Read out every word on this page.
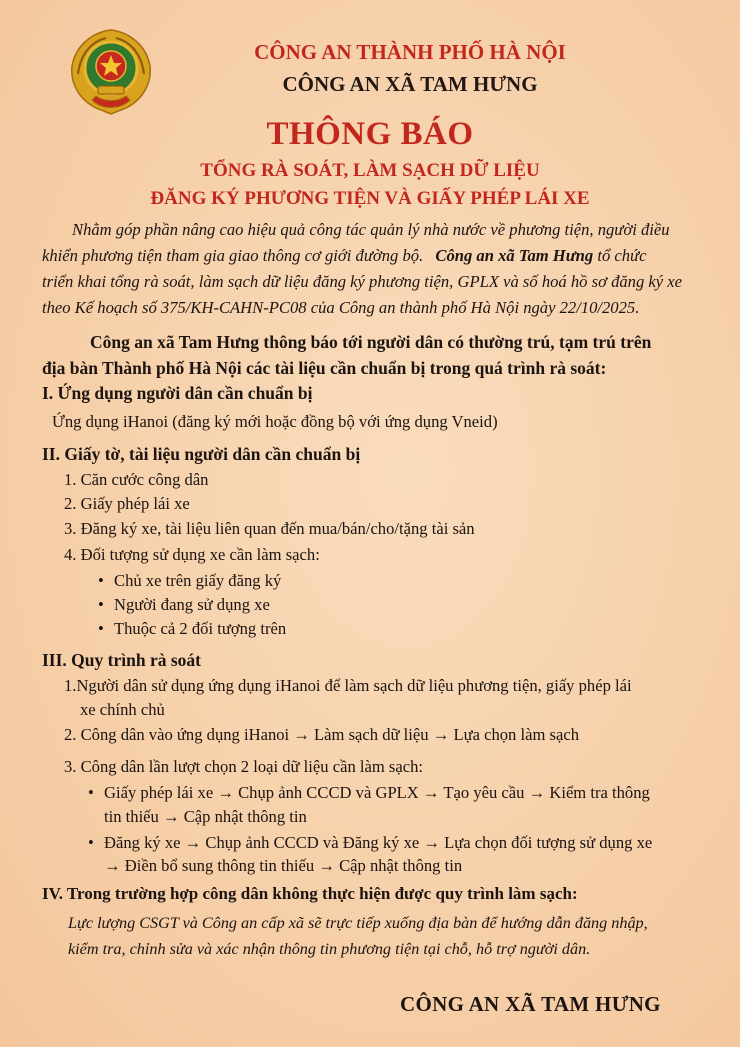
CÔNG AN THÀNH PHỐ HÀ NỘI
CÔNG AN XÃ TAM HƯNG
THÔNG BÁO
TỔNG RÀ SOÁT, LÀM SẠCH DỮ LIỆU
ĐĂNG KÝ PHƯƠNG TIỆN VÀ GIẤY PHÉP LÁI XE
Nhằm góp phần nâng cao hiệu quả công tác quản lý nhà nước về phương tiện, người điều
khiển phương tiện tham gia giao thông cơ giới đường bộ. Công an xã Tam Hưng tổ chức
triển khai tổng rà soát, làm sạch dữ liệu đăng ký phương tiện, GPLX và số hoá hồ sơ đăng ký xe
theo Kế hoạch số 375/KH-CAHN-PC08 của Công an thành phố Hà Nội ngày 22/10/2025.
Công an xã Tam Hưng thông báo tới người dân có thường trú, tạm trú trên
địa bàn Thành phố Hà Nội các tài liệu cần chuẩn bị trong quá trình rà soát:
I. Ứng dụng người dân cần chuẩn bị
Ứng dụng iHanoi (đăng ký mới hoặc đồng bộ với ứng dụng Vneid)
II. Giấy tờ, tài liệu người dân cần chuẩn bị
1. Căn cước công dân
2. Giấy phép lái xe
3. Đăng ký xe, tài liệu liên quan đến mua/bán/cho/tặng tài sản
4. Đối tượng sử dụng xe cần làm sạch:
• Chủ xe trên giấy đăng ký
• Người đang sử dụng xe
• Thuộc cả 2 đối tượng trên
III. Quy trình rà soát
1.Người dân sử dụng ứng dụng iHanoi để làm sạch dữ liệu phương tiện, giấy phép lái
xe chính chủ
2. Công dân vào ứng dụng iHanoi → Làm sạch dữ liệu → Lựa chọn làm sạch
3. Công dân lần lượt chọn 2 loại dữ liệu cần làm sạch:
• Giấy phép lái xe → Chụp ảnh CCCD và GPLX → Tạo yêu cầu → Kiểm tra thông
tin thiếu → Cập nhật thông tin
• Đăng ký xe → Chụp ảnh CCCD và Đăng ký xe → Lựa chọn đối tượng sử dụng xe
→ Điền bổ sung thông tin thiếu → Cập nhật thông tin
IV. Trong trường hợp công dân không thực hiện được quy trình làm sạch:
Lực lượng CSGT và Công an cấp xã sẽ trực tiếp xuống địa bàn để hướng dẫn đăng nhập,
kiểm tra, chỉnh sửa và xác nhận thông tin phương tiện tại chỗ, hỗ trợ người dân.
CÔNG AN XÃ TAM HƯNG
